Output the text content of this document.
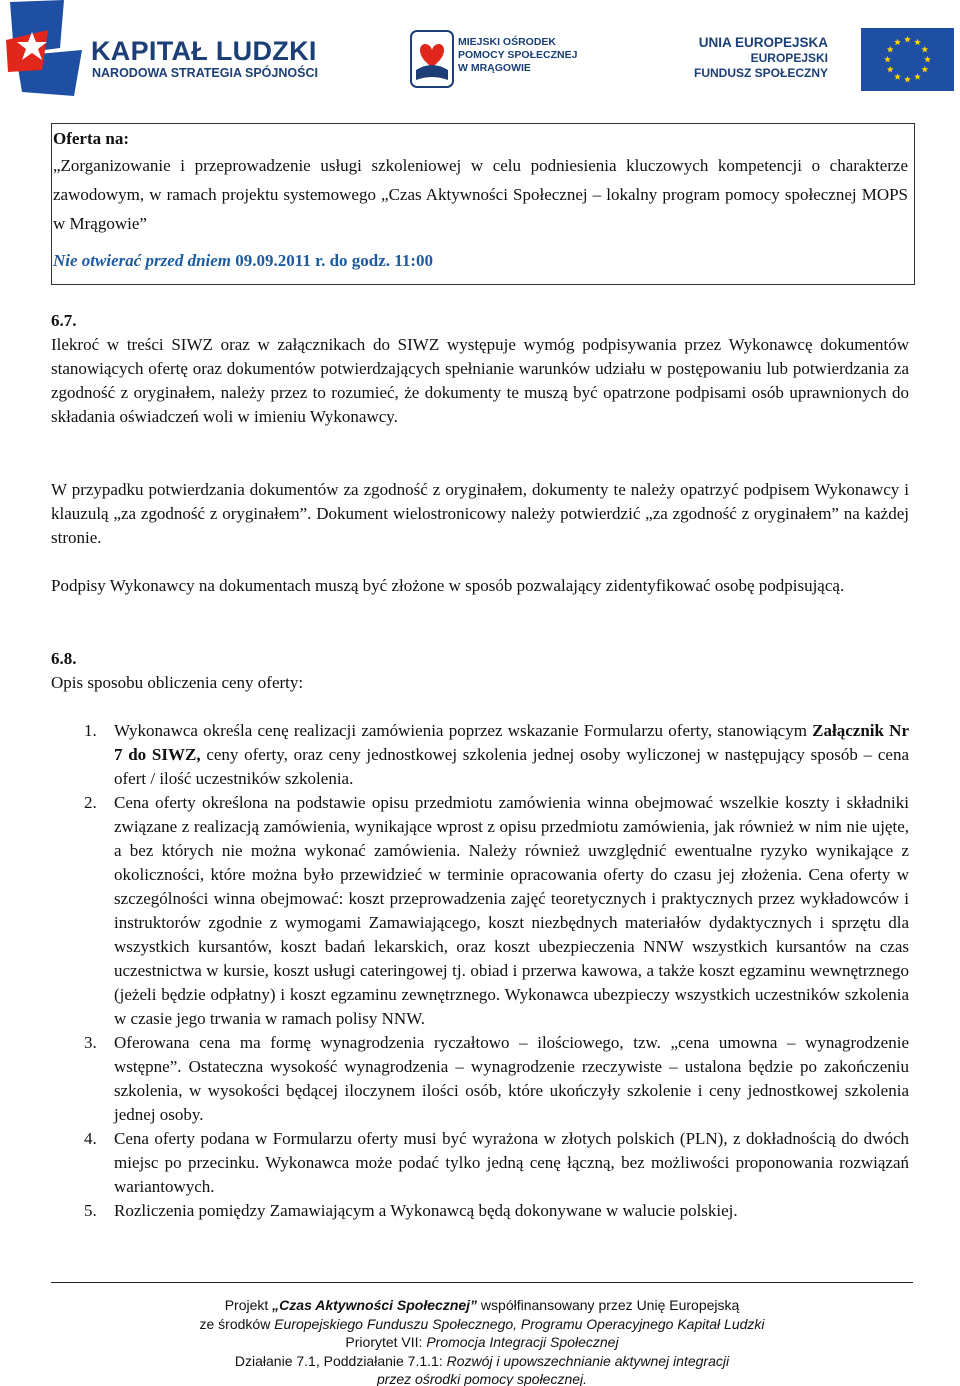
KAPITAŁ LUDZKI
NARODOWA STRATEGIA SPÓJNOŚCI
MIEJSKI OŚRODEK
POMOCY SPOŁECZNEJ
W MRĄGOWIE
UNIA EUROPEJSKA
EUROPEJSKI
FUNDUSZ SPOŁECZNY
Oferta na:
„Zorganizowanie i przeprowadzenie usługi szkoleniowej w celu podniesienia kluczowych kompetencji o charakterze zawodowym, w ramach projektu systemowego „Czas Aktywności Społecznej – lokalny program pomocy społecznej MOPS w Mrągowie”
Nie otwierać przed dniem 09.09.2011 r. do godz. 11:00
6.7.
Ilekroć w treści SIWZ oraz w załącznikach do SIWZ występuje wymóg podpisywania przez Wykonawcę dokumentów stanowiących ofertę oraz dokumentów potwierdzających spełnianie warunków udziału w postępowaniu lub potwierdzania za zgodność z oryginałem, należy przez to rozumieć, że dokumenty te muszą być opatrzone podpisami osób uprawnionych do składania oświadczeń woli w imieniu Wykonawcy.
W przypadku potwierdzania dokumentów za zgodność z oryginałem, dokumenty te należy opatrzyć podpisem Wykonawcy i klauzulą „za zgodność z oryginałem”. Dokument wielostronicowy należy potwierdzić „za zgodność z oryginałem” na każdej stronie.
Podpisy Wykonawcy na dokumentach muszą być złożone w sposób pozwalający zidentyfikować osobę podpisującą.
6.8.
Opis sposobu obliczenia ceny oferty:
1. Wykonawca określa cenę realizacji zamówienia poprzez wskazanie Formularzu oferty, stanowiącym Załącznik Nr 7 do SIWZ, ceny oferty, oraz ceny jednostkowej szkolenia jednej osoby wyliczonej w następujący sposób – cena ofert / ilość uczestników szkolenia.
2. Cena oferty określona na podstawie opisu przedmiotu zamówienia winna obejmować wszelkie koszty i składniki związane z realizacją zamówienia, wynikające wprost z opisu przedmiotu zamówienia, jak również w nim nie ujęte, a bez których nie można wykonać zamówienia. Należy również uwzględnić ewentualne ryzyko wynikające z okoliczności, które można było przewidzieć w terminie opracowania oferty do czasu jej złożenia. Cena oferty w szczególności winna obejmować: koszt przeprowadzenia zajęć teoretycznych i praktycznych przez wykładowców i instruktorów zgodnie z wymogami Zamawiającego, koszt niezbędnych materiałów dydaktycznych i sprzętu dla wszystkich kursantów, koszt badań lekarskich, oraz koszt ubezpieczenia NNW wszystkich kursantów na czas uczestnictwa w kursie, koszt usługi cateringowej tj. obiad i przerwa kawowa, a także koszt egzaminu wewnętrznego (jeżeli będzie odpłatny) i koszt egzaminu zewnętrznego. Wykonawca ubezpieczy wszystkich uczestników szkolenia w czasie jego trwania w ramach polisy NNW.
3. Oferowana cena ma formę wynagrodzenia ryczałtowo – ilościowego, tzw. „cena umowna – wynagrodzenie wstępne”. Ostateczna wysokość wynagrodzenia – wynagrodzenie rzeczywiste – ustalona będzie po zakończeniu szkolenia, w wysokości będącej iloczynem ilości osób, które ukończyły szkolenie i ceny jednostkowej szkolenia jednej osoby.
4. Cena oferty podana w Formularzu oferty musi być wyrażona w złotych polskich (PLN), z dokładnością do dwóch miejsc po przecinku. Wykonawca może podać tylko jedną cenę łączną, bez możliwości proponowania rozwiązań wariantowych.
5. Rozliczenia pomiędzy Zamawiającym a Wykonawcą będą dokonywane w walucie polskiej.
Projekt „Czas Aktywności Społecznej” współfinansowany przez Unię Europejską
ze środków Europejskiego Funduszu Społecznego, Programu Operacyjnego Kapitał Ludzki
Priorytet VII: Promocja Integracji Społecznej
Działanie 7.1, Poddziałanie 7.1.1: Rozwój i upowszechnianie aktywnej integracji
przez ośrodki pomocy społecznej.
